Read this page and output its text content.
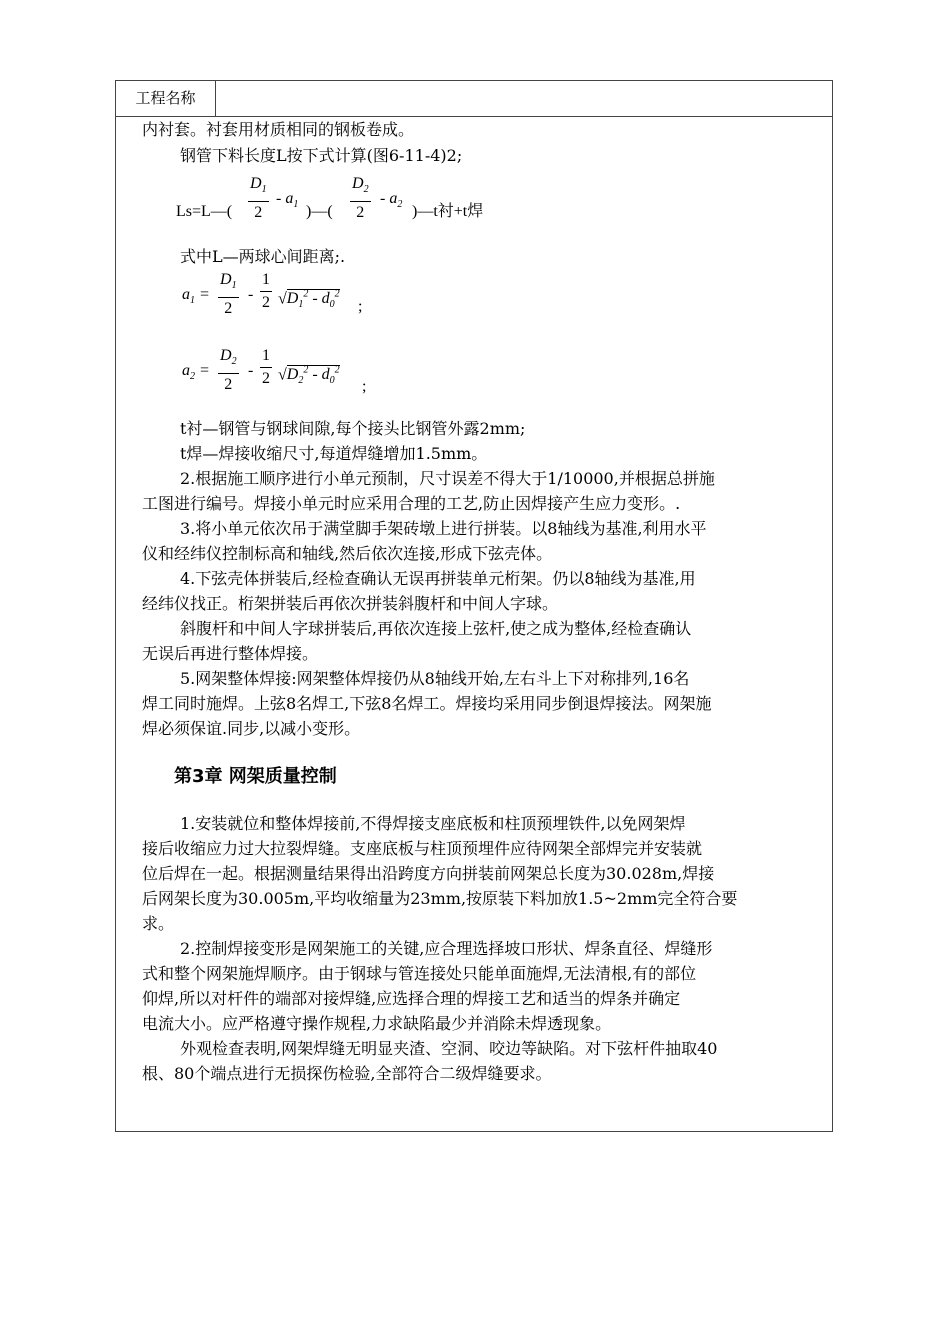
工程名称
内衬套。衬套用材质相同的钢板卷成。
钢管下料长度L按下式计算(图6-11-4)2;
Ls=L—( $\frac{D_1}{2} - a_1$ )—( $\frac{D_2}{2} - a_2$ )—t衬+t焊
式中L—两球心间距离;.
$a_1 = \frac{D_1}{2} - \frac{1}{2} √D_1^2 - d_0^2$
;
$a_2 = \frac{D_2}{2} - \frac{1}{2} √D_2^2 - d_0^2$
;
t衬—钢管与钢球间隙,每个接头比钢管外露2mm;
t焊—焊接收缩尺寸,每道焊缝增加1.5mm。
2.根据施工顺序进行小单元预制，尺寸误差不得大于1/10000,并根据总拼施
工图进行编号。焊接小单元时应采用合理的工艺,防止因焊接产生应力变形。.
3.将小单元依次吊于满堂脚手架砖墩上进行拼装。以8轴线为基准,利用水平
仪和经纬仪控制标高和轴线,然后依次连接,形成下弦壳体。
4.下弦壳体拼装后,经检查确认无误再拼装单元桁架。仍以8轴线为基准,用
经纬仪找正。桁架拼装后再依次拼装斜腹杆和中间人字球。
斜腹杆和中间人字球拼装后,再依次连接上弦杆,使之成为整体,经检查确认
无误后再进行整体焊接。
5.网架整体焊接:网架整体焊接仍从8轴线开始,左右斗上下对称排列,16名
焊工同时施焊。上弦8名焊工,下弦8名焊工。焊接均采用同步倒退焊接法。网架施
焊必须保谊.同步,以减小变形。
第3章 网架质量控制
1.安装就位和整体焊接前,不得焊接支座底板和柱顶预埋铁件,以免网架焊
接后收缩应力过大拉裂焊缝。支座底板与柱顶预埋件应待网架全部焊完并安装就
位后焊在一起。根据测量结果得出沿跨度方向拼装前网架总长度为30.028m,焊接
后网架长度为30.005m,平均收缩量为23mm,按原装下料加放1.5~2mm完全符合要
求。
2.控制焊接变形是网架施工的关键,应合理选择坡口形状、焊条直径、焊缝形
式和整个网架施焊顺序。由于钢球与管连接处只能单面施焊,无法清根,有的部位
仰焊,所以对杆件的端部对接焊缝,应选择合理的焊接工艺和适当的焊条并确定
电流大小。应严格遵守操作规程,力求缺陷最少并消除未焊透现象。
外观检查表明,网架焊缝无明显夹渣、空洞、咬边等缺陷。对下弦杆件抽取40
根、80个端点进行无损探伤检验,全部符合二级焊缝要求。
